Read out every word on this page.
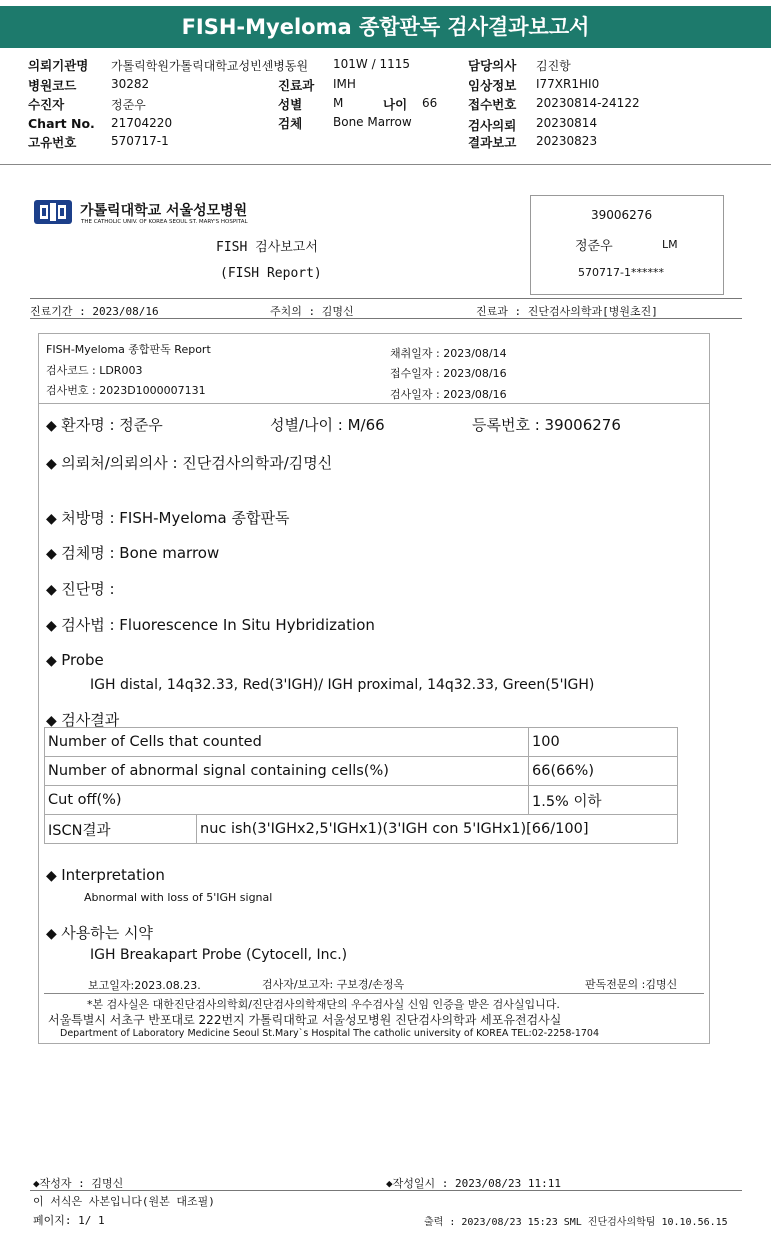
FISH-Myeloma 종합판독 검사결과보고서
의뢰기관명 가톨릭학원가톨릭대학교성빈센병동원 101W / 1115	담당의사 김진항
병원코드	30282	진료과 IMH	임상정보 I77XR1HI0
수진자	정준우	성별	M	나이 66 접수번호 20230814-24122
Chart No. 21704220	검체	Bone Marrow	검사의뢰 20230814
고유번호	570717-1	결과보고 20230823
가톨릭대학교 서울성모병원
THE CATHOLIC UNIV. OF KOREA SEOUL ST. MARY'S HOSPITAL
FISH 검사보고서
(FISH Report)
39006276
정준우	LM
570717-1******
진료기간 : 2023/08/16	주치의 : 김명신	진료과 : 진단검사의학과[병원초진]
FISH-Myeloma 종합판독 Report
검사코드 : LDR003
검사번호 : 2023D1000007131
채취일자 : 2023/08/14
접수일자 : 2023/08/16
검사일자 : 2023/08/16
◆ 환자명 : 정준우	성별/나이 : M/66	등록번호 : 39006276
◆ 의뢰처/의뢰의사 : 진단검사의학과/김명신
◆ 처방명 : FISH-Myeloma 종합판독
◆ 검체명 : Bone marrow
◆ 진단명 :
◆ 검사법 : Fluorescence In Situ Hybridization
◆ Probe
IGH distal, 14q32.33, Red(3'IGH)/ IGH proximal, 14q32.33, Green(5'IGH)
◆ 검사결과
Number of Cells that counted		100
Number of abnormal signal containing cells(%)		66(66%)
Cut off(%)		1.5% 이하
ISCN결과	nuc ish(3'IGHx2,5'IGHx1)(3'IGH con 5'IGHx1)[66/100]	
◆ Interpretation
Abnormal with loss of 5'IGH signal
◆ 사용하는 시약
IGH Breakapart Probe (Cytocell, Inc.)
보고일자:2023.08.23.	검사자/보고자: 구보경/손정옥	판독전문의 :김명신
*본 검사실은 대한진단검사의학회/진단검사의학재단의 우수검사실 신임 인증을 받은 검사실입니다.
서울특별시 서초구 반포대로 222번지 가톨릭대학교 서울성모병원 진단검사의학과 세포유전검사실
Department of Laboratory Medicine Seoul St.Mary`s Hospital The catholic university of KOREA TEL:02-2258-1704
◆작성자 : 김명신	◆작성일시 : 2023/08/23 11:11
이 서식은 사본입니다(원본 대조필)
페이지: 1/ 1	출력 : 2023/08/23 15:23 SML 진단검사의학팀 10.10.56.15
